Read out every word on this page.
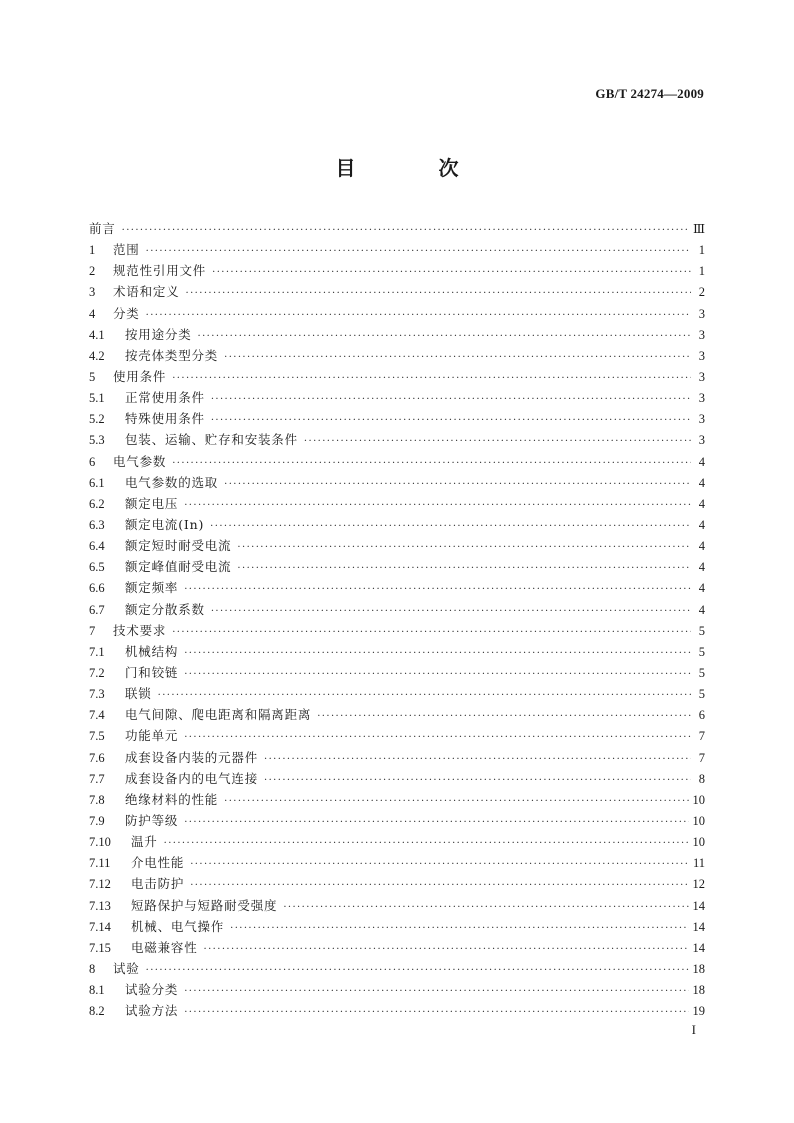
GB/T 24274—2009
目 次
前言 ·····	Ⅲ
1	范围 ·····	1
2	规范性引用文件 ·····	1
3	术语和定义 ·····	2
4	分类 ·····	3
4.1	按用途分类 ·····	3
4.2	按壳体类型分类 ·····	3
5	使用条件 ·····	3
5.1	正常使用条件 ·····	3
5.2	特殊使用条件 ·····	3
5.3	包装、运输、贮存和安装条件 ·····	3
6	电气参数 ·····	4
6.1	电气参数的选取 ·····	4
6.2	额定电压 ·····	4
6.3	额定电流(In) ·····	4
6.4	额定短时耐受电流 ·····	4
6.5	额定峰值耐受电流 ·····	4
6.6	额定频率 ·····	4
6.7	额定分散系数 ·····	4
7	技术要求 ·····	5
7.1	机械结构 ·····	5
7.2	门和铰链 ·····	5
7.3	联锁 ·····	5
7.4	电气间隙、爬电距离和隔离距离 ·····	6
7.5	功能单元 ·····	7
7.6	成套设备内装的元器件 ·····	7
7.7	成套设备内的电气连接 ·····	8
7.8	绝缘材料的性能 ·····	10
7.9	防护等级 ·····	10
7.10	温升 ·····	10
7.11	介电性能 ·····	11
7.12	电击防护 ·····	12
7.13	短路保护与短路耐受强度 ·····	14
7.14	机械、电气操作 ·····	14
7.15	电磁兼容性 ·····	14
8	试验 ·····	18
8.1	试验分类 ·····	18
8.2	试验方法 ·····	19
I
